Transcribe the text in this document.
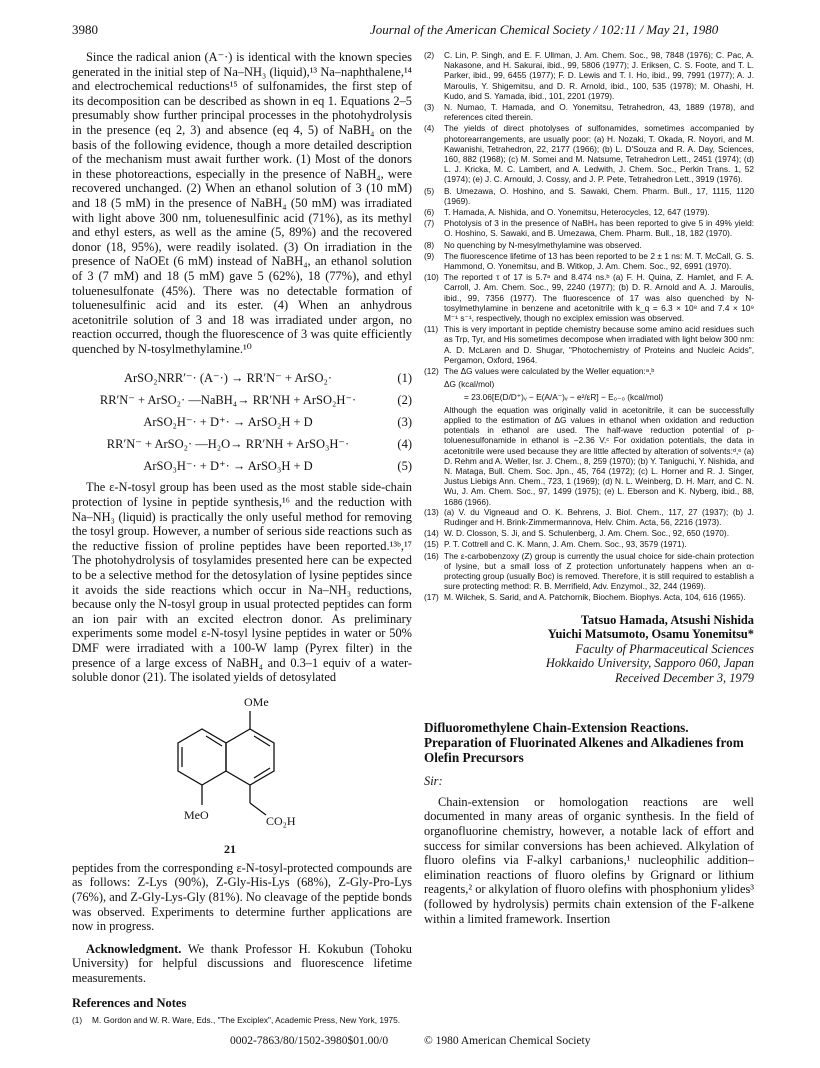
3980	Journal of the American Chemical Society / 102:11 / May 21, 1980

Since the radical anion (A⁻·) is identical with the known species generated in the initial step of Na–NH₃ (liquid),¹³ Na–naphthalene,¹⁴ and electrochemical reductions¹⁵ of sulfonamides, the first step of its decomposition can be described as shown in eq 1. Equations 2–5 presumably show further principal processes in the photohydrolysis in the presence (eq 2, 3) and absence (eq 4, 5) of NaBH₄ on the basis of the following evidence, though a more detailed description of the mechanism must await further work. (1) Most of the donors in these photoreactions, especially in the presence of NaBH₄, were recovered unchanged. (2) When an ethanol solution of 3 (10 mM) and 18 (5 mM) in the presence of NaBH₄ (50 mM) was irradiated with light above 300 nm, toluenesulfinic acid (71%), as its methyl and ethyl esters, as well as the amine (5, 89%) and the recovered donor (18, 95%), were readily isolated. (3) On irradiation in the presence of NaOEt (6 mM) instead of NaBH₄, an ethanol solution of 3 (7 mM) and 18 (5 mM) gave 5 (62%), 18 (77%), and ethyl toluenesulfonate (45%). There was no detectable formation of toluenesulfinic acid and its ester. (4) When an anhydrous acetonitrile solution of 3 and 18 was irradiated under argon, no reaction occurred, though the fluorescence of 3 was quite efficiently quenched by N-tosylmethylamine.¹⁰

ArSO₂NRR′⁻· (A⁻·) → RR′N⁻ + ArSO₂·	(1)
RR′N⁻ + ArSO₂· —NaBH₄→ RR′NH + ArSO₂H⁻·	(2)
ArSO₂H⁻· + D⁺· → ArSO₂H + D	(3)
RR′N⁻ + ArSO₂· —H₂O→ RR′NH + ArSO₃H⁻·	(4)
ArSO₃H⁻· + D⁺· → ArSO₃H + D	(5)

The ε-N-tosyl group has been used as the most stable side-chain protection of lysine in peptide synthesis,¹⁶ and the reduction with Na–NH₃ (liquid) is practically the only useful method for removing the tosyl group. However, a number of serious side reactions such as the reductive fission of proline peptides have been reported.¹³ᵇ,¹⁷ The photohydrolysis of tosylamides presented here can be expected to be a selective method for the detosylation of lysine peptides since it avoids the side reactions which occur in Na–NH₃ reductions, because only the N-tosyl group in usual protected peptides can form an ion pair with an excited electron donor. As preliminary experiments some model ε-N-tosyl lysine peptides in water or 50% DMF were irradiated with a 100-W lamp (Pyrex filter) in the presence of a large excess of NaBH₄ and 0.3–1 equiv of a water-soluble donor (21). The isolated yields of detosylated

OMe
MeO	CO₂H
21

peptides from the corresponding ε-N-tosyl-protected compounds are as follows: Z-Lys (90%), Z-Gly-His-Lys (68%), Z-Gly-Pro-Lys (76%), and Z-Gly-Lys-Gly (81%). No cleavage of the peptide bonds was observed. Experiments to determine further applications are now in progress.

Acknowledgment. We thank Professor H. Kokubun (Tohoku University) for helpful discussions and fluorescence lifetime measurements.

References and Notes
(1)	M. Gordon and W. R. Ware, Eds., "The Exciplex", Academic Press, New York, 1975.
(2)	C. Lin, P. Singh, and E. F. Ullman, J. Am. Chem. Soc., 98, 7848 (1976); C. Pac, A. Nakasone, and H. Sakurai, ibid., 99, 5806 (1977); J. Eriksen, C. S. Foote, and T. L. Parker, ibid., 99, 6455 (1977); F. D. Lewis and T. I. Ho, ibid., 99, 7991 (1977); A. J. Maroulis, Y. Shigemitsu, and D. R. Arnold, ibid., 100, 535 (1978); M. Ohashi, H. Kudo, and S. Yamada, ibid., 101, 2201 (1979).
(3)	N. Numao, T. Hamada, and O. Yonemitsu, Tetrahedron, 43, 1889 (1978), and references cited therein.
(4)	The yields of direct photolyses of sulfonamides, sometimes accompanied by photorearrangements, are usually poor: (a) H. Nozaki, T. Okada, R. Noyori, and M. Kawanishi, Tetrahedron, 22, 2177 (1966); (b) L. D'Souza and R. A. Day, Sciences, 160, 882 (1968); (c) M. Somei and M. Natsume, Tetrahedron Lett., 2451 (1974); (d) L. J. Kricka, M. C. Lambert, and A. Ledwith, J. Chem. Soc., Perkin Trans. 1, 52 (1974); (e) J. C. Arnould, J. Cossy, and J. P. Pete, Tetrahedron Lett., 3919 (1976).
(5)	B. Umezawa, O. Hoshino, and S. Sawaki, Chem. Pharm. Bull., 17, 1115, 1120 (1969).
(6)	T. Hamada, A. Nishida, and O. Yonemitsu, Heterocycles, 12, 647 (1979).
(7)	Photolysis of 3 in the presence of NaBH₄ has been reported to give 5 in 49% yield: O. Hoshino, S. Sawaki, and B. Umezawa, Chem. Pharm. Bull., 18, 182 (1970).
(8)	No quenching by N-mesylmethylamine was observed.
(9)	The fluorescence lifetime of 13 has been reported to be 2 ± 1 ns: M. T. McCall, G. S. Hammond, O. Yonemitsu, and B. Witkop, J. Am. Chem. Soc., 92, 6991 (1970).
(10) The reported τ of 17 is 5.7ᵃ and 8.474 ns.ᵇ (a) F. H. Quina, Z. Hamlet, and F. A. Carroll, J. Am. Chem. Soc., 99, 2240 (1977); (b) D. R. Arnold and A. J. Maroulis, ibid., 99, 7356 (1977). The fluorescence of 17 was also quenched by N-tosylmethylamine in benzene and acetonitrile with k_q = 6.3 × 10⁸ and 7.4 × 10⁹ M⁻¹ s⁻¹, respectively, though no exciplex emission was observed.
(11) This is very important in peptide chemistry because some amino acid residues such as Trp, Tyr, and His sometimes decompose when irradiated with light below 300 nm: A. D. McLaren and D. Shugar, "Photochemistry of Proteins and Nucleic Acids", Pergamon, Oxford, 1964.
(12) The ΔG values were calculated by the Weller equation:ᵃ,ᵇ
ΔG (kcal/mol)
= 23.06[E(D/D⁺)ᵥ − E(A/A⁻)ᵥ − e²/εR] − E₀₋₀ (kcal/mol)
Although the equation was originally valid in acetonitrile, it can be successfully applied to the estimation of ΔG values in ethanol when oxidation and reduction potentials in ethanol are used. The half-wave reduction potential of p-toluenesulfonamide in ethanol is −2.36 V.ᶜ For oxidation potentials, the data in acetonitrile were used because they are little affected by alteration of solvents:ᵈ,ᵉ (a) D. Rehm and A. Weller, Isr. J. Chem., 8, 259 (1970); (b) Y. Taniguchi, Y. Nishida, and N. Mataga, Bull. Chem. Soc. Jpn., 45, 764 (1972); (c) L. Horner and R. J. Singer, Justus Liebigs Ann. Chem., 723, 1 (1969); (d) N. L. Weinberg, D. H. Marr, and C. N. Wu, J. Am. Chem. Soc., 97, 1499 (1975); (e) L. Eberson and K. Nyberg, ibid., 88, 1686 (1966).
(13) (a) V. du Vigneaud and O. K. Behrens, J. Biol. Chem., 117, 27 (1937); (b) J. Rudinger and H. Brink-Zimmermannova, Helv. Chim. Acta, 56, 2216 (1973).
(14) W. D. Closson, S. Ji, and S. Schulenberg, J. Am. Chem. Soc., 92, 650 (1970).
(15) P. T. Cottrell and C. K. Mann, J. Am. Chem. Soc., 93, 3579 (1971).
(16) The ε-carbobenzoxy (Z) group is currently the usual choice for side-chain protection of lysine, but a small loss of Z protection unfortunately happens when an α-protecting group (usually Boc) is removed. Therefore, it is still required to establish a sure protecting method: R. B. Merrifield, Adv. Enzymol., 32, 244 (1969).
(17) M. Wilchek, S. Sarid, and A. Patchornik, Biochem. Biophys. Acta, 104, 616 (1965).
Tatsuo Hamada, Atsushi Nishida
Yuichi Matsumoto, Osamu Yonemitsu*
Faculty of Pharmaceutical Sciences
Hokkaido University, Sapporo 060, Japan
Received December 3, 1979
Difluoromethylene Chain-Extension Reactions. Preparation of Fluorinated Alkenes and Alkadienes from Olefin Precursors
Sir:

Chain-extension or homologation reactions are well documented in many areas of organic synthesis. In the field of organofluorine chemistry, however, a notable lack of effort and success for similar conversions has been achieved. Alkylation of fluoro olefins via F-alkyl carbanions,¹ nucleophilic addition–elimination reactions of fluoro olefins by Grignard or lithium reagents,² or alkylation of fluoro olefins with phosphonium ylides³ (followed by hydrolysis) permits chain extension of the F-alkene within a limited framework. Insertion

0002-7863/80/1502-3980$01.00/0	© 1980 American Chemical Society
